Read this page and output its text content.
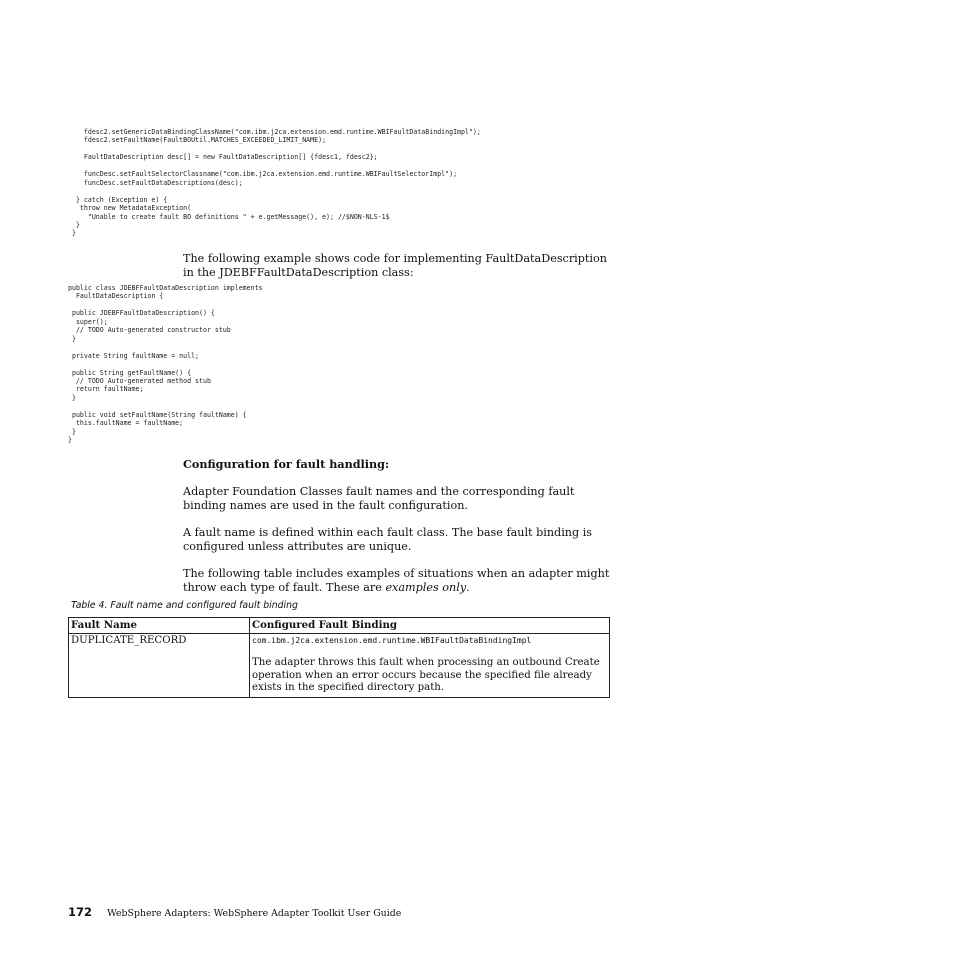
fdesc2.setGenericDataBindingClassName("com.ibm.j2ca.extension.emd.runtime.WBIFaultDataBindingImpl");
fdesc2.setFaultName(FaultBOUtil.MATCHES_EXCEEDED_LIMIT_NAME);

FaultDataDescription desc[] = new FaultDataDescription[] {fdesc1, fdesc2};

funcDesc.setFaultSelectorClassname("com.ibm.j2ca.extension.emd.runtime.WBIFaultSelectorImpl");
funcDesc.setFaultDataDescriptions(desc);

} catch (Exception e) {
throw new MetadataException(
"Unable to create fault BO definitions " + e.getMessage(), e); //$NON-NLS-1$
}
}

The following example shows code for implementing FaultDataDescription in the JDEBFFaultDataDescription class:

public class JDEBFFaultDataDescription implements
FaultDataDescription {

public JDEBFFaultDataDescription() {
super();
// TODO Auto-generated constructor stub
}

private String faultName = null;

public String getFaultName() {
// TODO Auto-generated method stub
return faultName;
}

public void setFaultName(String faultName) {
this.faultName = faultName;
}
}

Configuration for fault handling:

Adapter Foundation Classes fault names and the corresponding fault binding names are used in the fault configuration.

A fault name is defined within each fault class. The base fault binding is configured unless attributes are unique.

The following table includes examples of situations when an adapter might throw each type of fault. These are examples only.

Table 4. Fault name and configured fault binding

Fault Name	Configured Fault Binding
DUPLICATE_RECORD	com.ibm.j2ca.extension.emd.runtime.WBIFaultDataBindingImpl
The adapter throws this fault when processing an outbound Create operation when an error occurs because the specified file already exists in the specified directory path.
172 WebSphere Adapters: WebSphere Adapter Toolkit User Guide
